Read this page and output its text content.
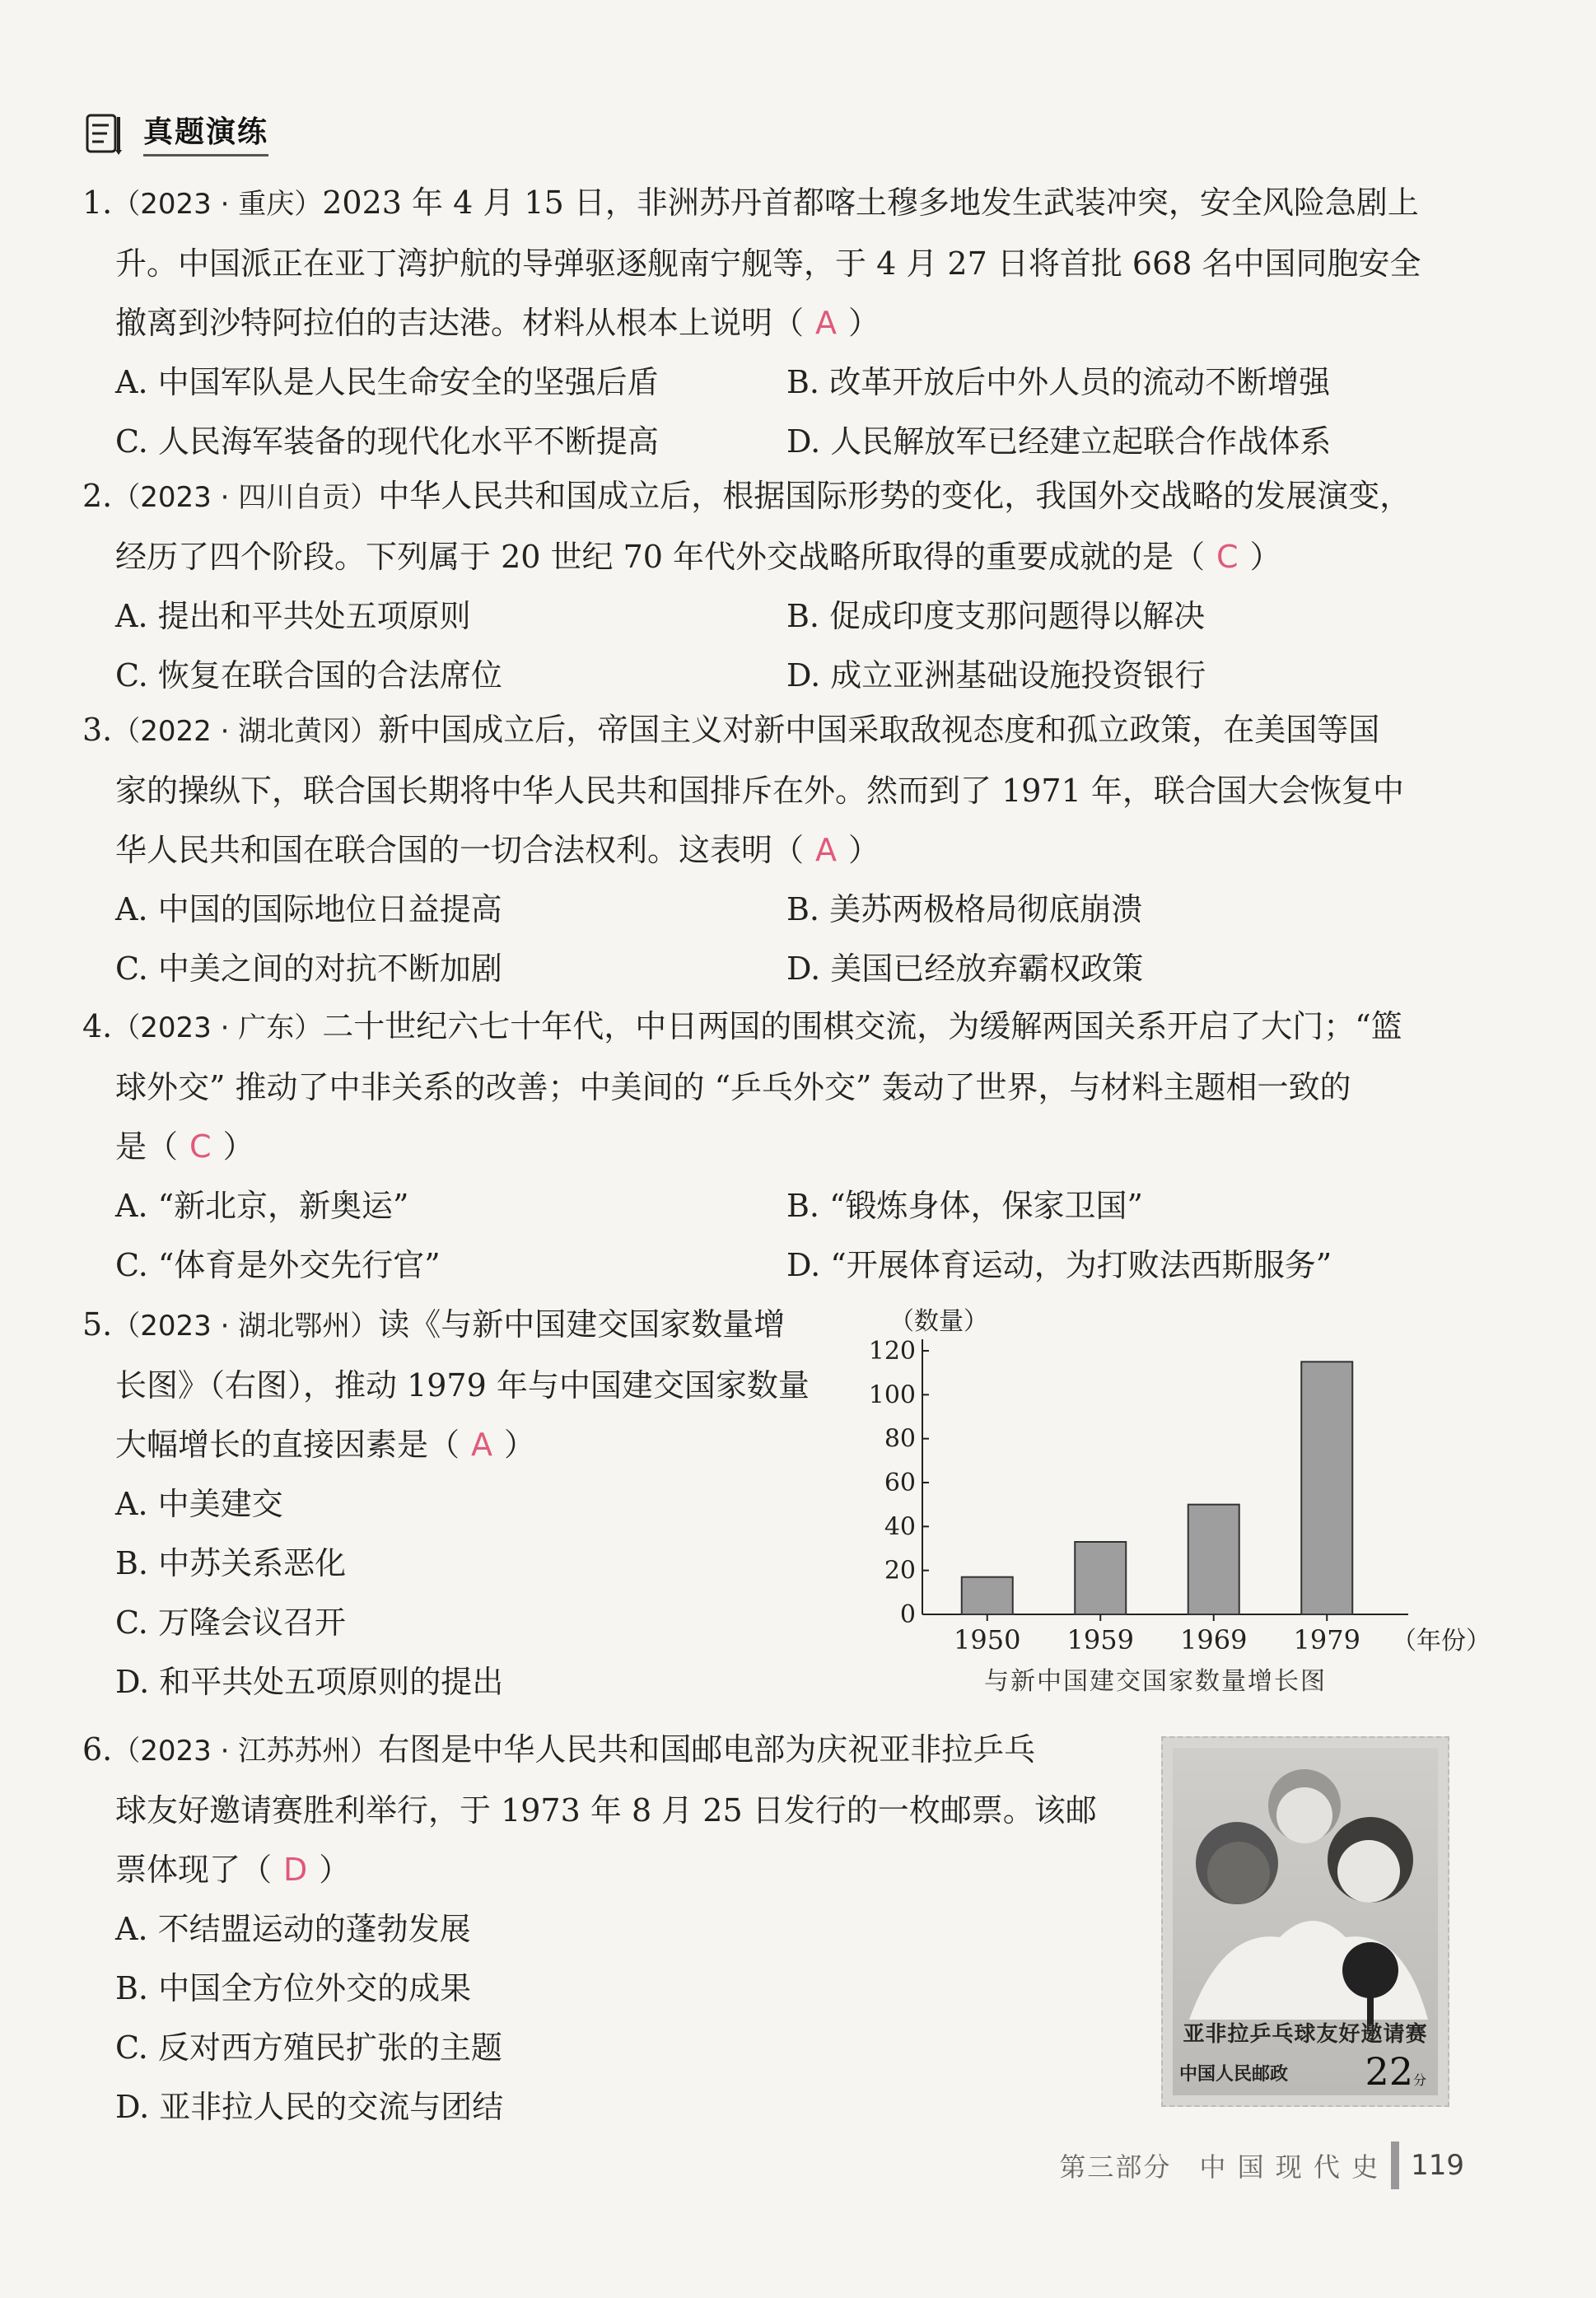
真题演练
1.（2023 · 重庆）2023 年 4 月 15 日，非洲苏丹首都喀土穆多地发生武装冲突，安全风险急剧上
升。中国派正在亚丁湾护航的导弹驱逐舰南宁舰等，于 4 月 27 日将首批 668 名中国同胞安全
撤离到沙特阿拉伯的吉达港。材料从根本上说明（ A ）
A. 中国军队是人民生命安全的坚强后盾	B. 改革开放后中外人员的流动不断增强
C. 人民海军装备的现代化水平不断提高	D. 人民解放军已经建立起联合作战体系
2.（2023 · 四川自贡）中华人民共和国成立后，根据国际形势的变化，我国外交战略的发展演变，
经历了四个阶段。下列属于 20 世纪 70 年代外交战略所取得的重要成就的是（ C ）
A. 提出和平共处五项原则	B. 促成印度支那问题得以解决
C. 恢复在联合国的合法席位	D. 成立亚洲基础设施投资银行
3.（2022 · 湖北黄冈）新中国成立后，帝国主义对新中国采取敌视态度和孤立政策，在美国等国
家的操纵下，联合国长期将中华人民共和国排斥在外。然而到了 1971 年，联合国大会恢复中
华人民共和国在联合国的一切合法权利。这表明（ A ）
A. 中国的国际地位日益提高	B. 美苏两极格局彻底崩溃
C. 中美之间的对抗不断加剧	D. 美国已经放弃霸权政策
4.（2023 · 广东）二十世纪六七十年代，中日两国的围棋交流，为缓解两国关系开启了大门；“篮
球外交” 推动了中非关系的改善；中美间的 “乒乓外交” 轰动了世界，与材料主题相一致的
是（ C ）
A. “新北京，新奥运”	B. “锻炼身体，保家卫国”
C. “体育是外交先行官”	D. “开展体育运动，为打败法西斯服务”
5.（2023 · 湖北鄂州）读《与新中国建交国家数量增
长图》（右图），推动 1979 年与中国建交国家数量
大幅增长的直接因素是（ A ）
A. 中美建交
B. 中苏关系恶化
C. 万隆会议召开
D. 和平共处五项原则的提出
（数量）
0
20
40
60
80
100
120
1950 1959 1969 1979 （年份）
与新中国建交国家数量增长图
6.（2023 · 江苏苏州）右图是中华人民共和国邮电部为庆祝亚非拉乒乓
球友好邀请赛胜利举行，于 1973 年 8 月 25 日发行的一枚邮票。该邮
票体现了（ D ）
A. 不结盟运动的蓬勃发展
B. 中国全方位外交的成果
C. 反对西方殖民扩张的主题
D. 亚非拉人民的交流与团结
亚非拉乒乓球友好邀请赛
中国人民邮政 22分
第三部分　中 国 现 代 史 119
